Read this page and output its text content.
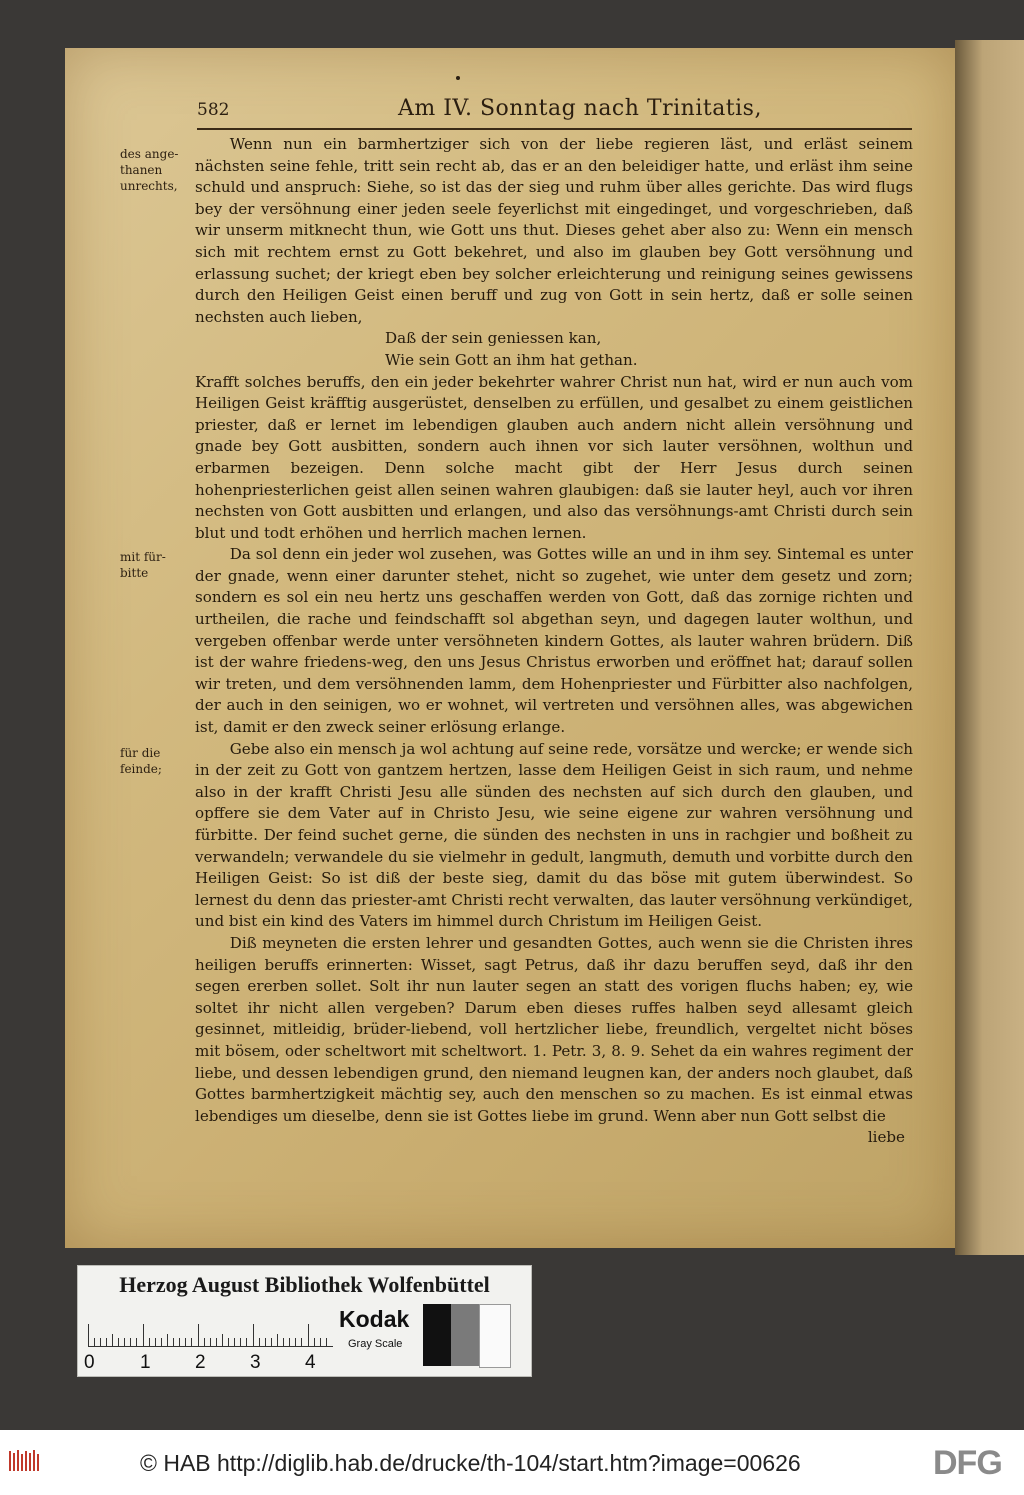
582	Am IV. Sonntag nach Trinitatis,
des ange-
thanen
unrechts,
mit für-
bitte
für die
feinde;

Wenn nun ein barmhertziger sich von der liebe regieren läst, und erläst seinem nächsten seine fehle, tritt sein recht ab, das er an den beleidiger hatte, und erläst ihm seine schuld und anspruch: Siehe, so ist das der sieg und ruhm über alles gerichte. Das wird flugs bey der versöhnung einer jeden seele feyerlichst mit eingedinget, und vorgeschrieben, daß wir unserm mitknecht thun, wie Gott uns thut. Dieses gehet aber also zu: Wenn ein mensch sich mit rechtem ernst zu Gott bekehret, und also im glauben bey Gott versöhnung und erlassung suchet; der kriegt eben bey solcher erleichterung und reinigung seines gewissens durch den Heiligen Geist einen beruff und zug von Gott in sein hertz, daß er solle seinen nechsten auch lieben,

Daß der sein geniessen kan,

Wie sein Gott an ihm hat gethan.

Krafft solches beruffs, den ein jeder bekehrter wahrer Christ nun hat, wird er nun auch vom Heiligen Geist kräfftig ausgerüstet, denselben zu erfüllen, und gesalbet zu einem geistlichen priester, daß er lernet im lebendigen glauben auch andern nicht allein versöhnung und gnade bey Gott ausbitten, sondern auch ihnen vor sich lauter versöhnen, wolthun und erbarmen bezeigen. Denn solche macht gibt der Herr Jesus durch seinen hohenpriesterlichen geist allen seinen wahren glaubigen: daß sie lauter heyl, auch vor ihren nechsten von Gott ausbitten und erlangen, und also das versöhnungs-amt Christi durch sein blut und todt erhöhen und herrlich machen lernen.

Da sol denn ein jeder wol zusehen, was Gottes wille an und in ihm sey. Sintemal es unter der gnade, wenn einer darunter stehet, nicht so zugehet, wie unter dem gesetz und zorn; sondern es sol ein neu hertz uns geschaffen werden von Gott, daß das zornige richten und urtheilen, die rache und feindschafft sol abgethan seyn, und dagegen lauter wolthun, und vergeben offenbar werde unter versöhneten kindern Gottes, als lauter wahren brüdern. Diß ist der wahre friedens-weg, den uns Jesus Christus erworben und eröffnet hat; darauf sollen wir treten, und dem versöhnenden lamm, dem Hohenpriester und Fürbitter also nachfolgen, der auch in den seinigen, wo er wohnet, wil vertreten und versöhnen alles, was abgewichen ist, damit er den zweck seiner erlösung erlange.

Gebe also ein mensch ja wol achtung auf seine rede, vorsätze und wercke; er wende sich in der zeit zu Gott von gantzem hertzen, lasse dem Heiligen Geist in sich raum, und nehme also in der krafft Christi Jesu alle sünden des nechsten auf sich durch den glauben, und opffere sie dem Vater auf in Christo Jesu, wie seine eigene zur wahren versöhnung und fürbitte. Der feind suchet gerne, die sünden des nechsten in uns in rachgier und boßheit zu verwandeln; verwandele du sie vielmehr in gedult, langmuth, demuth und vorbitte durch den Heiligen Geist: So ist diß der beste sieg, damit du das böse mit gutem überwindest. So lernest du denn das priester-amt Christi recht verwalten, das lauter versöhnung verkündiget, und bist ein kind des Vaters im himmel durch Christum im Heiligen Geist.

Diß meyneten die ersten lehrer und gesandten Gottes, auch wenn sie die Christen ihres heiligen beruffs erinnerten: Wisset, sagt Petrus, daß ihr dazu beruffen seyd, daß ihr den segen ererben sollet. Solt ihr nun lauter segen an statt des vorigen fluchs haben; ey, wie soltet ihr nicht allen vergeben? Darum eben dieses ruffes halben seyd allesamt gleich gesinnet, mitleidig, brüder-liebend, voll hertzlicher liebe, freundlich, vergeltet nicht böses mit bösem, oder scheltwort mit scheltwort. 1. Petr. 3, 8. 9. Sehet da ein wahres regiment der liebe, und dessen lebendigen grund, den niemand leugnen kan, der anders noch glaubet, daß Gottes barmhertzigkeit mächtig sey, auch den menschen so zu machen. Es ist einmal etwas lebendiges um dieselbe, denn sie ist Gottes liebe im grund. Wenn aber nun Gott selbst die

liebe

Herzog August Bibliothek Wolfenbüttel
Kodak
Gray Scale
0 1 2 3 4
© HAB http://diglib.hab.de/drucke/th-104/start.htm?image=00626	DFG
